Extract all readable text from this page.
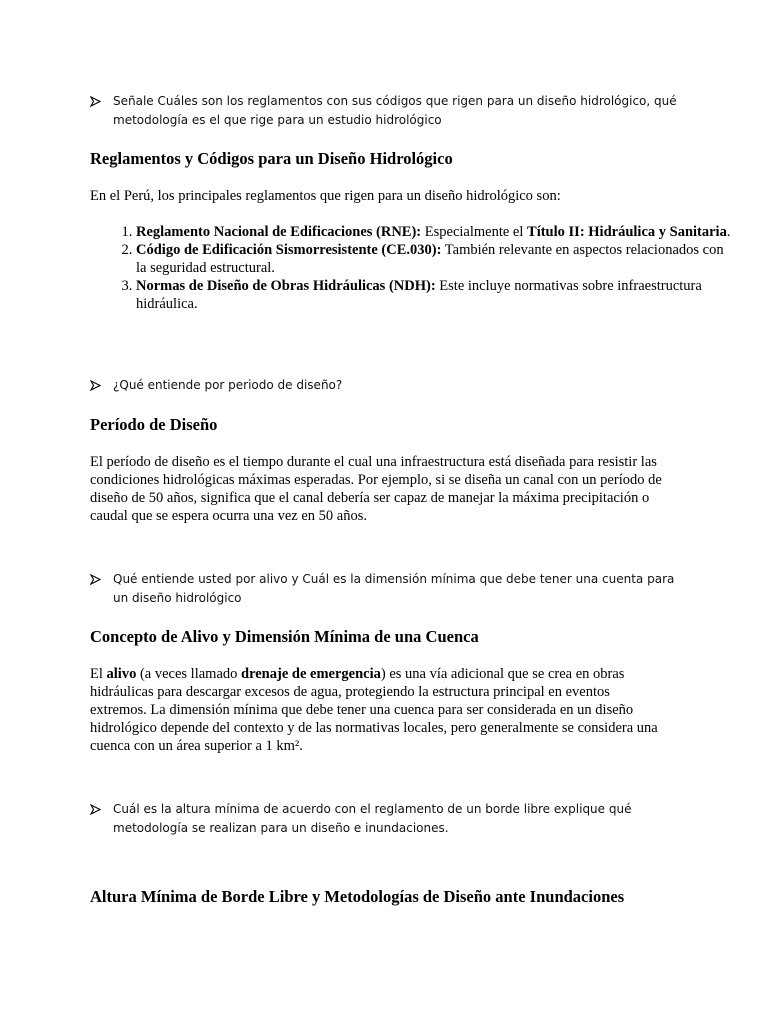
Señale Cuáles son los reglamentos con sus códigos que rigen para un diseño hidrológico, qué metodología es el que rige para un estudio hidrológico
Reglamentos y Códigos para un Diseño Hidrológico
En el Perú, los principales reglamentos que rigen para un diseño hidrológico son:
1. Reglamento Nacional de Edificaciones (RNE): Especialmente el Título II: Hidráulica y Sanitaria.
2. Código de Edificación Sismorresistente (CE.030): También relevante en aspectos relacionados con la seguridad estructural.
3. Normas de Diseño de Obras Hidráulicas (NDH): Este incluye normativas sobre infraestructura hidráulica.
¿Qué entiende por periodo de diseño?
Período de Diseño
El período de diseño es el tiempo durante el cual una infraestructura está diseñada para resistir las condiciones hidrológicas máximas esperadas. Por ejemplo, si se diseña un canal con un período de diseño de 50 años, significa que el canal debería ser capaz de manejar la máxima precipitación o caudal que se espera ocurra una vez en 50 años.
Qué entiende usted por alivo y Cuál es la dimensión mínima que debe tener una cuenta para un diseño hidrológico
Concepto de Alivo y Dimensión Mínima de una Cuenca
El alivo (a veces llamado drenaje de emergencia) es una vía adicional que se crea en obras hidráulicas para descargar excesos de agua, protegiendo la estructura principal en eventos extremos. La dimensión mínima que debe tener una cuenca para ser considerada en un diseño hidrológico depende del contexto y de las normativas locales, pero generalmente se considera una cuenca con un área superior a 1 km².
Cuál es la altura mínima de acuerdo con el reglamento de un borde libre explique qué metodología se realizan para un diseño e inundaciones.
Altura Mínima de Borde Libre y Metodologías de Diseño ante Inundaciones
